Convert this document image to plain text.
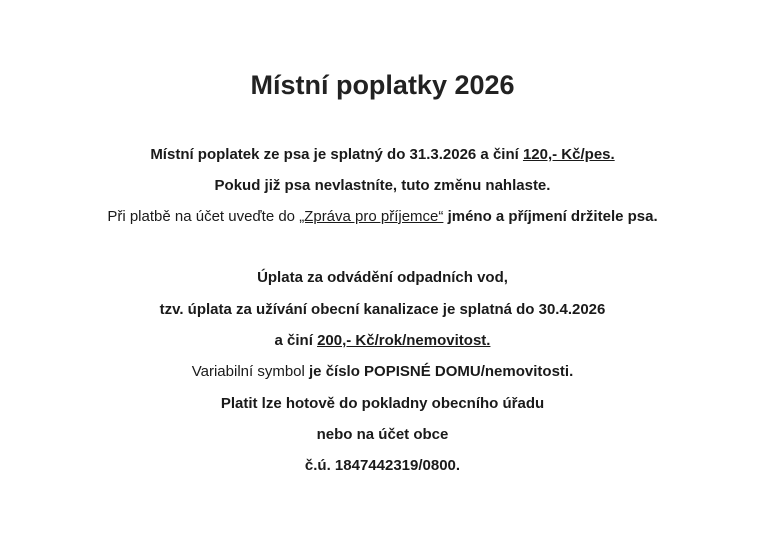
Místní poplatky 2026
Místní poplatek ze psa je splatný do 31.3.2026 a činí 120,- Kč/pes.
Pokud již psa nevlastníte, tuto změnu nahlaste.
Při platbě na účet uveďte do „Zpráva pro příjemce“ jméno a příjmení držitele psa.
Úplata za odvádění odpadních vod,
tzv. úplata za užívání obecní kanalizace je splatná do 30.4.2026
a činí 200,- Kč/rok/nemovitost.
Variabilní symbol je číslo POPISNÉ DOMU/nemovitosti.
Platit lze hotově do pokladny obecního úřadu
nebo na účet obce
č.ú. 1847442319/0800.
